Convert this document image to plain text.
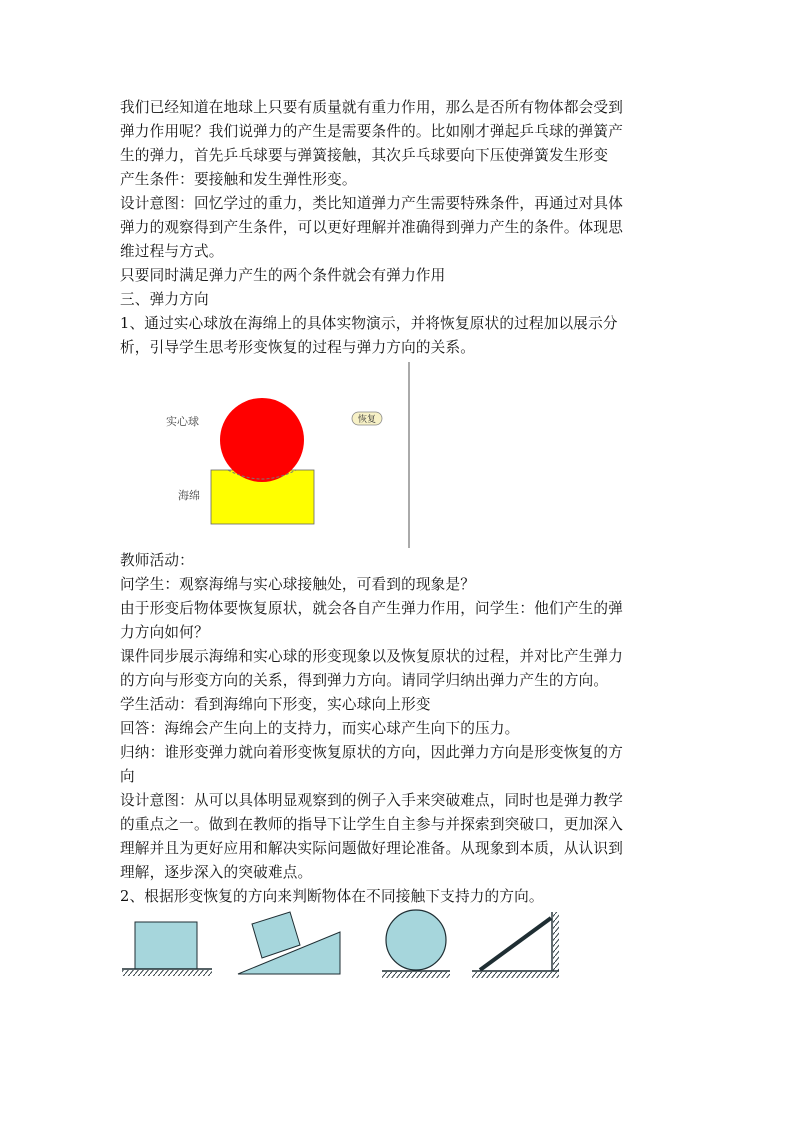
我们已经知道在地球上只要有质量就有重力作用，那么是否所有物体都会受到

弹力作用呢？我们说弹力的产生是需要条件的。比如刚才弹起乒乓球的弹簧产

生的弹力，首先乒乓球要与弹簧接触，其次乒乓球要向下压使弹簧发生形变

产生条件：要接触和发生弹性形变。

设计意图：回忆学过的重力，类比知道弹力产生需要特殊条件，再通过对具体

弹力的观察得到产生条件，可以更好理解并准确得到弹力产生的条件。体现思

维过程与方式。

只要同时满足弹力产生的两个条件就会有弹力作用

三、弹力方向

1、通过实心球放在海绵上的具体实物演示，并将恢复原状的过程加以展示分

析，引导学生思考形变恢复的过程与弹力方向的关系。

实心球
海绵
恢复

教师活动：

问学生：观察海绵与实心球接触处，可看到的现象是？

由于形变后物体要恢复原状，就会各自产生弹力作用，问学生：他们产生的弹

力方向如何？

课件同步展示海绵和实心球的形变现象以及恢复原状的过程，并对比产生弹力

的方向与形变方向的关系，得到弹力方向。请同学归纳出弹力产生的方向。

学生活动：看到海绵向下形变，实心球向上形变

回答：海绵会产生向上的支持力，而实心球产生向下的压力。

归纳：谁形变弹力就向着形变恢复原状的方向，因此弹力方向是形变恢复的方

向

设计意图：从可以具体明显观察到的例子入手来突破难点，同时也是弹力教学

的重点之一。做到在教师的指导下让学生自主参与并探索到突破口，更加深入

理解并且为更好应用和解决实际问题做好理论准备。从现象到本质，从认识到

理解，逐步深入的突破难点。

2、根据形变恢复的方向来判断物体在不同接触下支持力的方向。
